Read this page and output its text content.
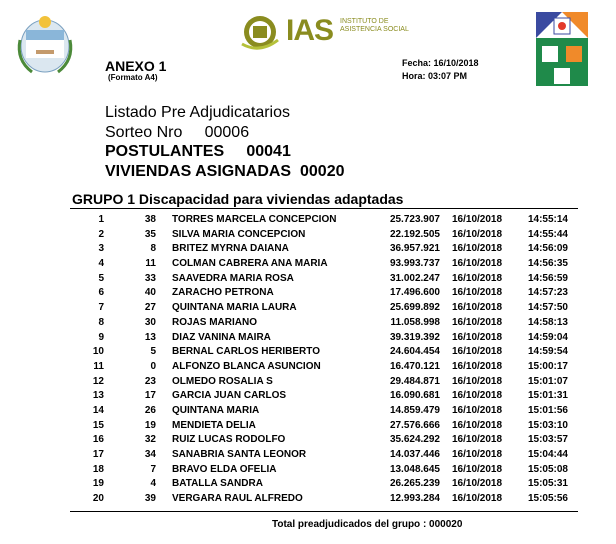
IAS INSTITUTO DE ASISTENCIA SOCIAL
ANEXO 1
(Formato A4)
Fecha: 16/10/2018
Hora: 03:07 PM
Listado Pre Adjudicatarios
Sorteo Nro     00006
POSTULANTES     00041
VIVIENDAS ASIGNADAS  00020
GRUPO 1 Discapacidad para viviendas adaptadas
1	38 TORRES MARCELA CONCEPCION	25.723.907 16/10/2018	14:55:14
2	35 SILVA MARIA CONCEPCION	22.192.505 16/10/2018	14:55:44
3	8 BRITEZ MYRNA DAIANA	36.957.921 16/10/2018	14:56:09
4	11 COLMAN CABRERA ANA MARIA	93.993.737 16/10/2018	14:56:35
5	33 SAAVEDRA MARIA ROSA	31.002.247 16/10/2018	14:56:59
6	40 ZARACHO PETRONA	17.496.600 16/10/2018	14:57:23
7	27 QUINTANA MARIA LAURA	25.699.892 16/10/2018	14:57:50
8	30 ROJAS MARIANO	11.058.998 16/10/2018	14:58:13
9	13 DIAZ VANINA MAIRA	39.319.392 16/10/2018	14:59:04
10	5 BERNAL CARLOS HERIBERTO	24.604.454 16/10/2018	14:59:54
11	0 ALFONZO BLANCA ASUNCION	16.470.121 16/10/2018	15:00:17
12	23 OLMEDO ROSALIA S	29.484.871 16/10/2018	15:01:07
13	17 GARCIA JUAN CARLOS	16.090.681 16/10/2018	15:01:31
14	26 QUINTANA MARIA	14.859.479 16/10/2018	15:01:56
15	19 MENDIETA DELIA	27.576.666 16/10/2018	15:03:10
16	32 RUIZ LUCAS RODOLFO	35.624.292 16/10/2018	15:03:57
17	34 SANABRIA SANTA LEONOR	14.037.446 16/10/2018	15:04:44
18	7 BRAVO ELDA OFELIA	13.048.645 16/10/2018	15:05:08
19	4 BATALLA SANDRA	26.265.239 16/10/2018	15:05:31
20	39 VERGARA RAUL ALFREDO	12.993.284 16/10/2018	15:05:56
Total preadjudicados del grupo : 000020
